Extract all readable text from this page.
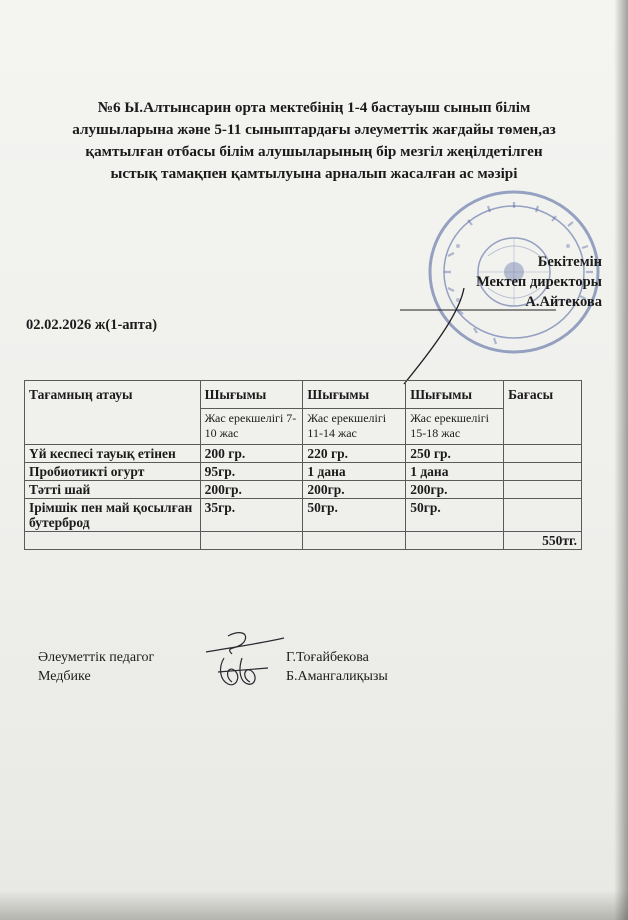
№6 Ы.Алтынсарин орта мектебінің 1-4 бастауыш сынып білім
алушыларына және 5-11 сыныптардағы әлеуметтік жағдайы төмен,аз
қамтылған отбасы білім алушыларының бір мезгіл жеңілдетілген
ыстық тамақпен қамтылуына арналып жасалған ас мәзірі
Бекітемін
Мектеп директоры
А.Айтекова
02.02.2026 ж(1-апта)
Тағамның атауы	Шығымы	Шығымы	Шығымы	Бағасы
	Жас ерекшелігі 7-10 жас	Жас ерекшелігі 11-14 жас	Жас ерекшелігі 15-18 жас	
Үй кеспесі тауық етінен	200 гр.	220 гр.	250 гр.	
Пробиотикті огурт	95гр.	1 дана	1 дана	
Тәтті шай	200гр.	200гр.	200гр.	
Ірімшік пен май қосылған бутерброд	35гр.	50гр.	50гр.	
				550тг.
Әлеуметтік педагог
Медбике
Г.Тоғайбекова
Б.Амангалиқызы
